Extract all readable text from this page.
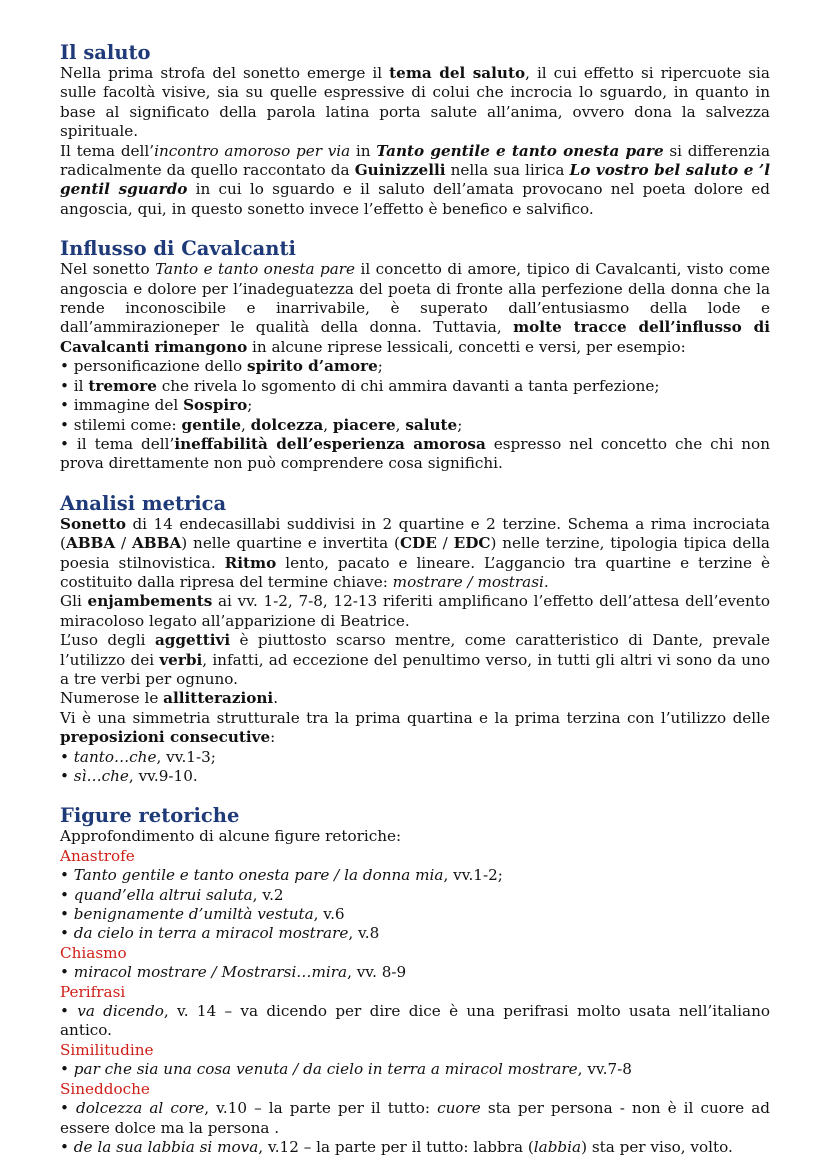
Il saluto

Nella prima strofa del sonetto emerge il tema del saluto, il cui effetto si ripercuote sia sulle facoltà visive, sia su quelle espressive di colui che incrocia lo sguardo, in quanto in base al significato della parola latina porta salute all’anima, ovvero dona la salvezza spirituale.

Il tema dell’incontro amoroso per via in Tanto gentile e tanto onesta pare si differenzia radicalmente da quello raccontato da Guinizzelli nella sua lirica Lo vostro bel saluto e ’l gentil sguardo in cui lo sguardo e il saluto dell’amata provocano nel poeta dolore ed angoscia, qui, in questo sonetto invece l’effetto è benefico e salvifico.

Influsso di Cavalcanti

Nel sonetto Tanto e tanto onesta pare il concetto di amore, tipico di Cavalcanti, visto come angoscia e dolore per l’inadeguatezza del poeta di fronte alla perfezione della donna che la rende inconoscibile e inarrivabile, è superato dall’entusiasmo della lode e dall’ammirazioneper le qualità della donna. Tuttavia, molte tracce dell’influsso di Cavalcanti rimangono in alcune riprese lessicali, concetti e versi, per esempio:

• personificazione dello spirito d’amore;

• il tremore che rivela lo sgomento di chi ammira davanti a tanta perfezione;

• immagine del Sospiro;

• stilemi come: gentile, dolcezza, piacere, salute;

• il tema dell’ineffabilità dell’esperienza amorosa espresso nel concetto che chi non prova direttamente non può comprendere cosa significhi.

Analisi metrica

Sonetto di 14 endecasillabi suddivisi in 2 quartine e 2 terzine. Schema a rima incrociata (ABBA / ABBA) nelle quartine e invertita (CDE / EDC) nelle terzine, tipologia tipica della poesia stilnovistica. Ritmo lento, pacato e lineare. L’aggancio tra quartine e terzine è costituito dalla ripresa del termine chiave: mostrare / mostrasi.

Gli enjambements ai vv. 1-2, 7-8, 12-13 riferiti amplificano l’effetto dell’attesa dell’evento miracoloso legato all’apparizione di Beatrice.

L’uso degli aggettivi è piuttosto scarso mentre, come caratteristico di Dante, prevale l’utilizzo dei verbi, infatti, ad eccezione del penultimo verso, in tutti gli altri vi sono da uno a tre verbi per ognuno.

Numerose le allitterazioni.

Vi è una simmetria strutturale tra la prima quartina e la prima terzina con l’utilizzo delle preposizioni consecutive:

• tanto…che, vv.1-3;

• sì…che, vv.9-10.

Figure retoriche

Approfondimento di alcune figure retoriche:

Anastrofe

• Tanto gentile e tanto onesta pare / la donna mia, vv.1-2;

• quand’ella altrui saluta, v.2

• benignamente d’umiltà vestuta, v.6

• da cielo in terra a miracol mostrare, v.8

Chiasmo

• miracol mostrare / Mostrarsi…mira, vv. 8-9

Perifrasi

• va dicendo, v. 14 – va dicendo per dire dice è una perifrasi molto usata nell’italiano antico.

Similitudine

• par che sia una cosa venuta / da cielo in terra a miracol mostrare, vv.7-8

Sineddoche

• dolcezza al core, v.10 – la parte per il tutto: cuore sta per persona - non è il cuore ad essere dolce ma la persona .

• de la sua labbia si mova, v.12 – la parte per il tutto: labbra (labbia) sta per viso, volto.
